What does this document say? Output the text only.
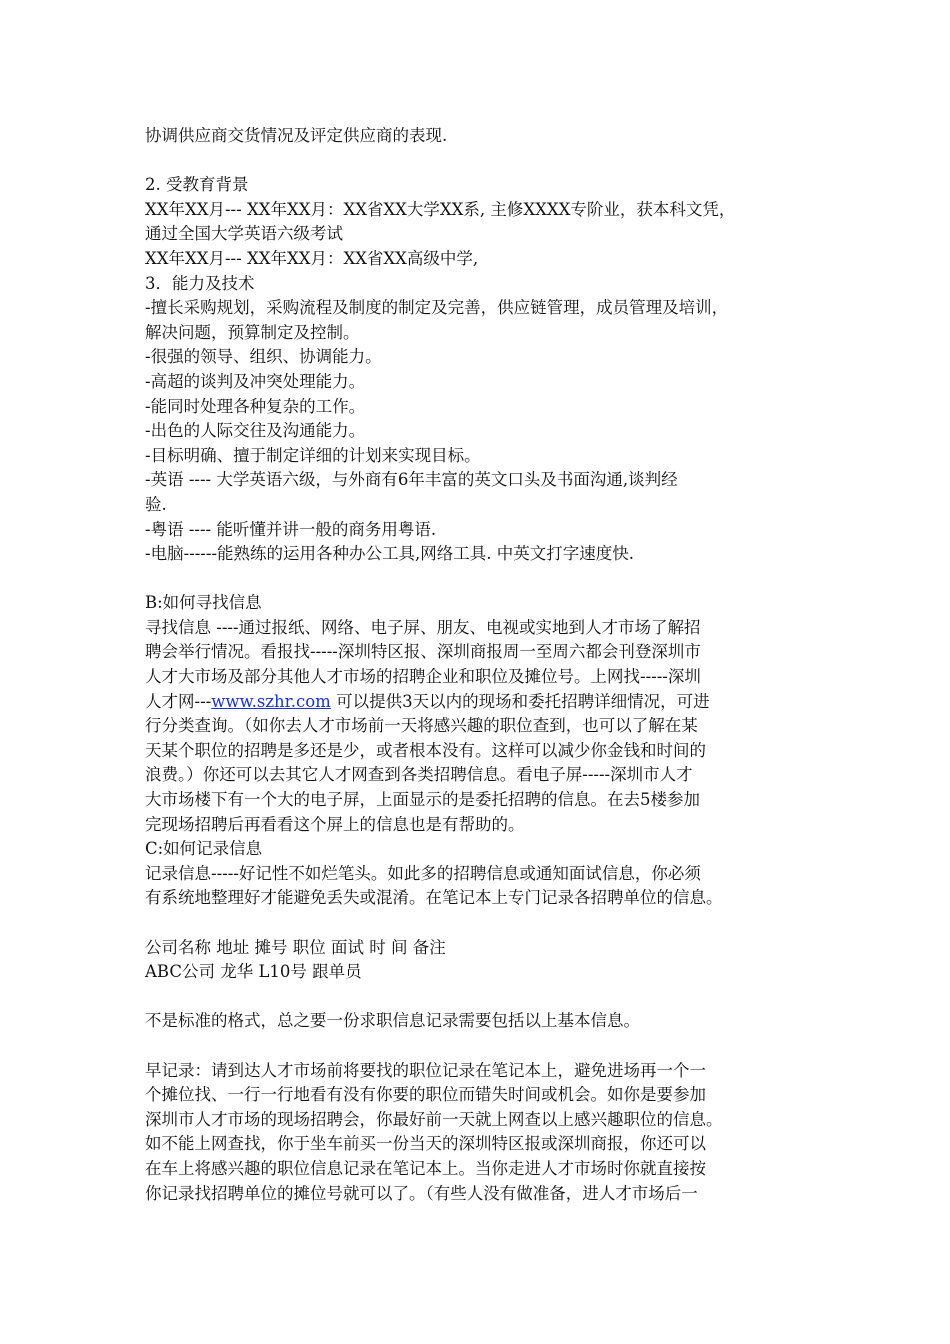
协调供应商交货情况及评定供应商的表现.
2. 受教育背景
XX年XX月--- XX年XX月：XX省XX大学XX系, 主修XXXX专阶业，获本科文凭，
通过全国大学英语六级考试
XX年XX月--- XX年XX月：XX省XX高级中学,
3．能力及技术
-擅长采购规划，采购流程及制度的制定及完善，供应链管理，成员管理及培训，
解决问题，预算制定及控制。
-很强的领导、组织、协调能力。
-高超的谈判及冲突处理能力。
-能同时处理各种复杂的工作。
-出色的人际交往及沟通能力。
-目标明确、擅于制定详细的计划来实现目标。
-英语 ---- 大学英语六级，与外商有6年丰富的英文口头及书面沟通,谈判经
验.
-粤语 ---- 能听懂并讲一般的商务用粤语.
-电脑------能熟练的运用各种办公工具,网络工具. 中英文打字速度快.
B:如何寻找信息
寻找信息 ----通过报纸、网络、电子屏、朋友、电视或实地到人才市场了解招
聘会举行情况。看报找-----深圳特区报、深圳商报周一至周六都会刊登深圳市
人才大市场及部分其他人才市场的招聘企业和职位及摊位号。上网找-----深圳
人才网---www.szhr.com 可以提供3天以内的现场和委托招聘详细情况，可进
行分类查询。（如你去人才市场前一天将感兴趣的职位查到，也可以了解在某
天某个职位的招聘是多还是少，或者根本没有。这样可以减少你金钱和时间的
浪费。）你还可以去其它人才网查到各类招聘信息。看电子屏-----深圳市人才
大市场楼下有一个大的电子屏，上面显示的是委托招聘的信息。在去5楼参加
完现场招聘后再看看这个屏上的信息也是有帮助的。
C:如何记录信息
记录信息-----好记性不如烂笔头。如此多的招聘信息或通知面试信息，你必须
有系统地整理好才能避免丢失或混淆。在笔记本上专门记录各招聘单位的信息。
公司名称 地址 摊号 职位 面试 时 间 备注
ABC公司 龙华 L10号 跟单员
不是标准的格式，总之要一份求职信息记录需要包括以上基本信息。
早记录：请到达人才市场前将要找的职位记录在笔记本上，避免进场再一个一
个摊位找、一行一行地看有没有你要的职位而错失时间或机会。如你是要参加
深圳市人才市场的现场招聘会，你最好前一天就上网查以上感兴趣职位的信息。
如不能上网查找，你于坐车前买一份当天的深圳特区报或深圳商报，你还可以
在车上将感兴趣的职位信息记录在笔记本上。当你走进人才市场时你就直接按
你记录找招聘单位的摊位号就可以了。（有些人没有做准备，进人才市场后一
